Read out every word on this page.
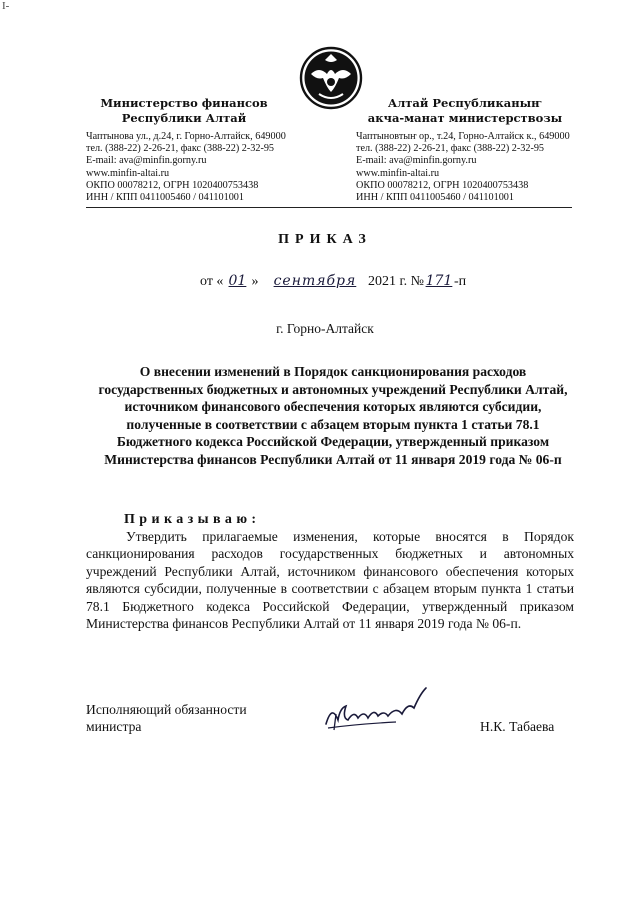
I-
Министерство финансов
Республики Алтай
Алтай Республиканыҥ
акча-манат министерствозы
Чаптынова ул., д.24, г. Горно-Алтайск, 649000
тел. (388-22) 2-26-21, факс (388-22) 2-32-95
E-mail: ava@minfin.gorny.ru
www.minfin-altai.ru
ОКПО 00078212, ОГРН 1020400753438
ИНН / КПП 0411005460 / 041101001
Чаптыновтыҥ ор., т.24, Горно-Алтайск к., 649000
тел. (388-22) 2-26-21, факс (388-22) 2-32-95
E-mail: ava@minfin.gorny.ru
www.minfin-altai.ru
ОКПО 00078212, ОГРН 1020400753438
ИНН / КПП 0411005460 / 041101001
ПРИКАЗ
от « 01 » сентября 2021 г. № 171 -п
г. Горно-Алтайск
О внесении изменений в Порядок санкционирования расходов государственных бюджетных и автономных учреждений Республики Алтай, источником финансового обеспечения которых являются субсидии, полученные в соответствии с абзацем вторым пункта 1 статьи 78.1 Бюджетного кодекса Российской Федерации, утвержденный приказом Министерства финансов Республики Алтай от 11 января 2019 года № 06-п
Приказываю:
Утвердить прилагаемые изменения, которые вносятся в Порядок санкционирования расходов государственных бюджетных и автономных учреждений Республики Алтай, источником финансового обеспечения которых являются субсидии, полученные в соответствии с абзацем вторым пункта 1 статьи 78.1 Бюджетного кодекса Российской Федерации, утвержденный приказом Министерства финансов Республики Алтай от 11 января 2019 года № 06-п.
Исполняющий обязанности
министра	Н.К. Табаева
